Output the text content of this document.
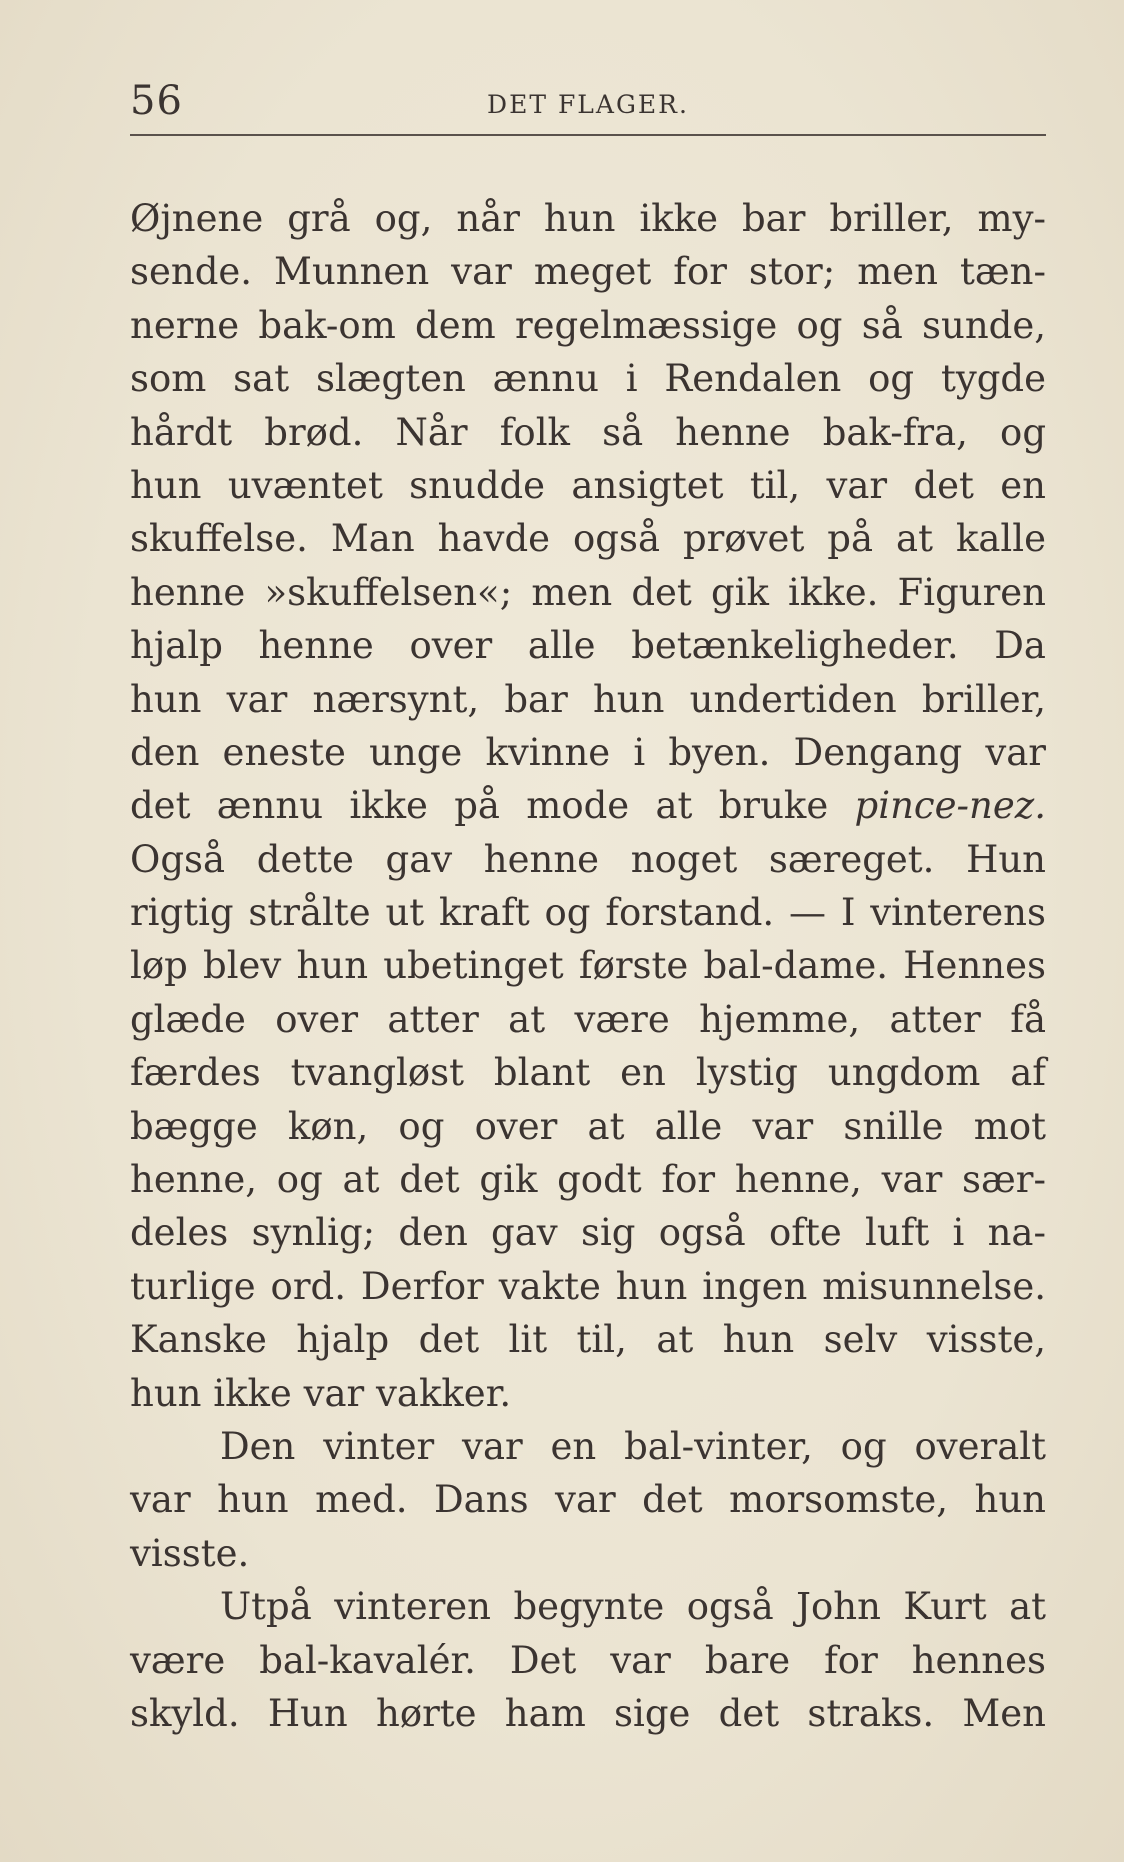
56	DET FLAGER.
Øjnene grå og, når hun ikke bar briller, my-
sende. Munnen var meget for stor; men tæn-
nerne bak-om dem regelmæssige og så sunde,
som sat slægten ænnu i Rendalen og tygde
hårdt brød. Når folk så henne bak-fra, og
hun uvæntet snudde ansigtet til, var det en
skuffelse. Man havde også prøvet på at kalle
henne »skuffelsen«; men det gik ikke. Figuren
hjalp henne over alle betænkeligheder. Da
hun var nærsynt, bar hun undertiden briller,
den eneste unge kvinne i byen. Dengang var
det ænnu ikke på mode at bruke pince-nez.
Også dette gav henne noget særeget. Hun
rigtig strålte ut kraft og forstand. — I vinterens
løp blev hun ubetinget første bal-dame. Hennes
glæde over atter at være hjemme, atter få
færdes tvangløst blant en lystig ungdom af
bægge køn, og over at alle var snille mot
henne, og at det gik godt for henne, var sær-
deles synlig; den gav sig også ofte luft i na-
turlige ord. Derfor vakte hun ingen misunnelse.
Kanske hjalp det lit til, at hun selv visste,
hun ikke var vakker.
Den vinter var en bal-vinter, og overalt
var hun med. Dans var det morsomste, hun
visste.
Utpå vinteren begynte også John Kurt at
være bal-kavalér. Det var bare for hennes
skyld. Hun hørte ham sige det straks. Men
